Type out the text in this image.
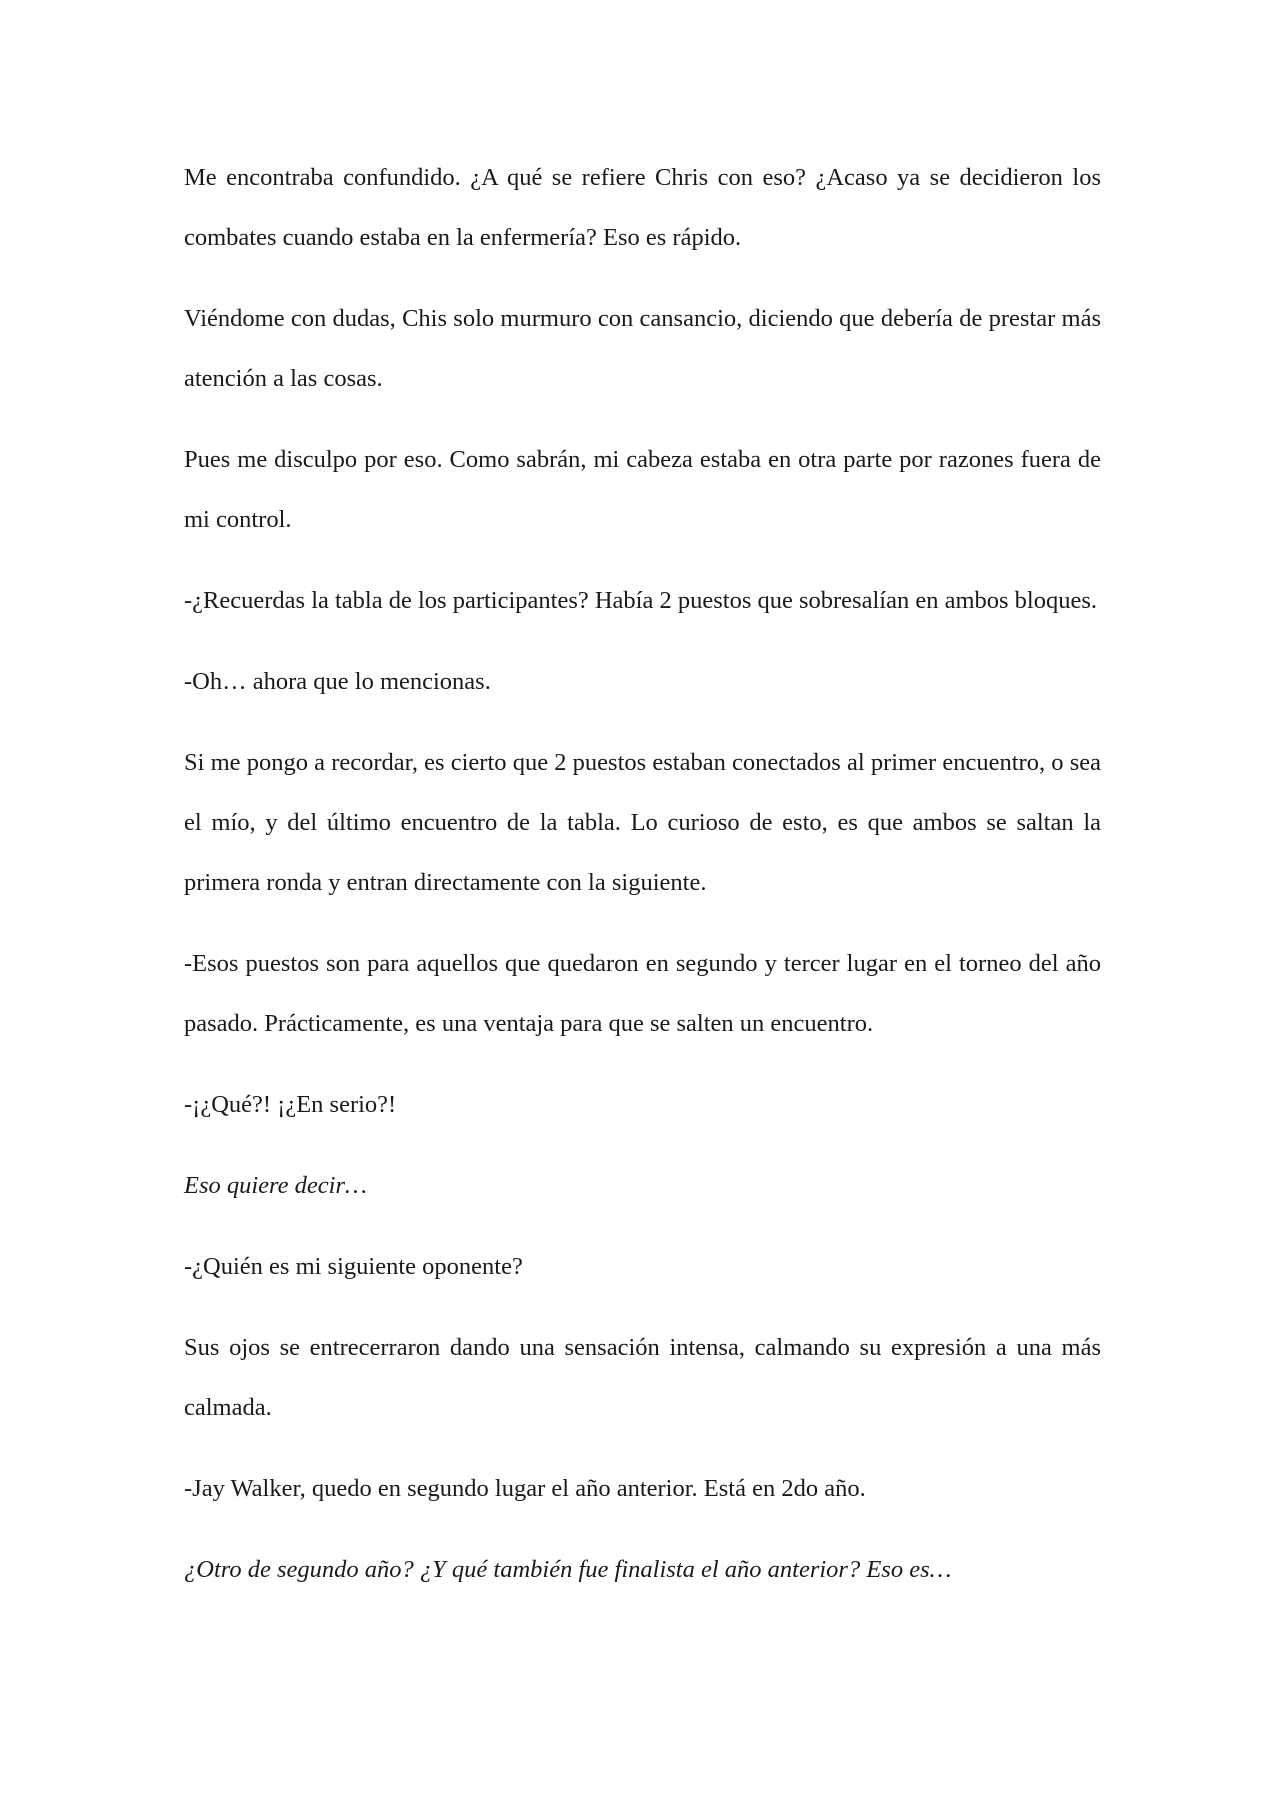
Me encontraba confundido. ¿A qué se refiere Chris con eso? ¿Acaso ya se decidieron los combates cuando estaba en la enfermería? Eso es rápido.

Viéndome con dudas, Chis solo murmuro con cansancio, diciendo que debería de prestar más atención a las cosas.

Pues me disculpo por eso. Como sabrán, mi cabeza estaba en otra parte por razones fuera de mi control.

-¿Recuerdas la tabla de los participantes? Había 2 puestos que sobresalían en ambos bloques.

-Oh… ahora que lo mencionas.

Si me pongo a recordar, es cierto que 2 puestos estaban conectados al primer encuentro, o sea el mío, y del último encuentro de la tabla. Lo curioso de esto, es que ambos se saltan la primera ronda y entran directamente con la siguiente.

-Esos puestos son para aquellos que quedaron en segundo y tercer lugar en el torneo del año pasado. Prácticamente, es una ventaja para que se salten un encuentro.

-¡¿Qué?! ¡¿En serio?!

Eso quiere decir…

-¿Quién es mi siguiente oponente?

Sus ojos se entrecerraron dando una sensación intensa, calmando su expresión a una más calmada.

-Jay Walker, quedo en segundo lugar el año anterior. Está en 2do año.

¿Otro de segundo año? ¿Y qué también fue finalista el año anterior? Eso es…
